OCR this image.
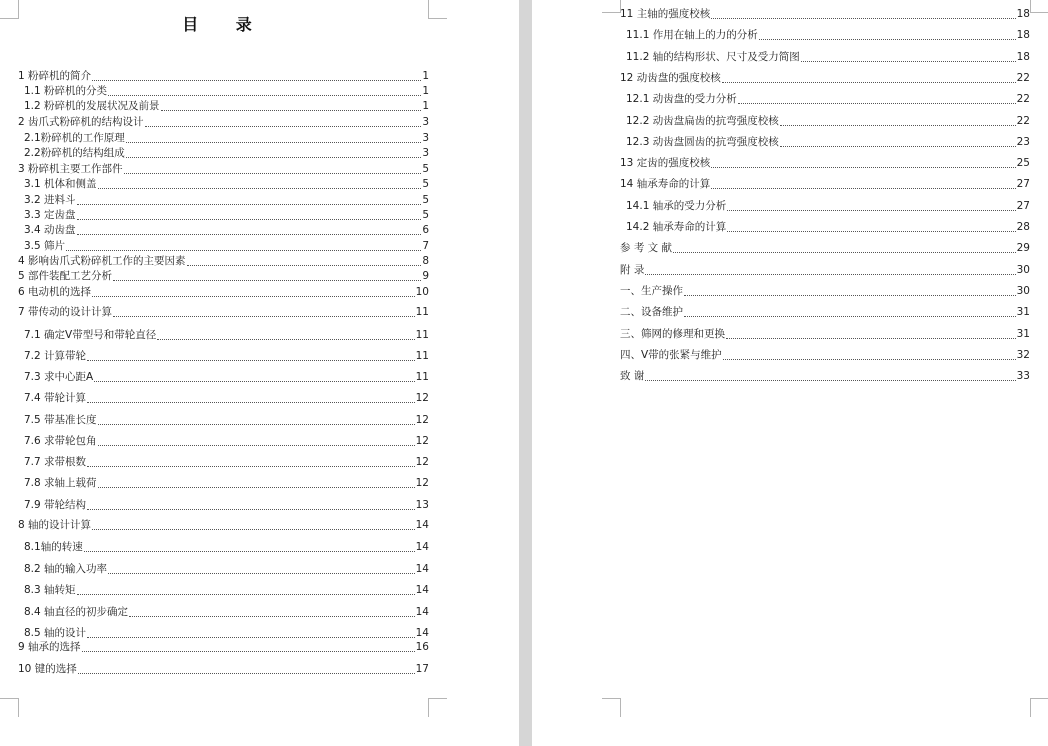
目 录
1 粉碎机的简介	1
1.1 粉碎机的分类	1
1.2 粉碎机的发展状况及前景	1
2 齿爪式粉碎机的结构设计	3
2.1粉碎机的工作原理	3
2.2粉碎机的结构组成	3
3 粉碎机主要工作部件	5
3.1 机体和侧盖	5
3.2 进料斗	5
3.3 定齿盘	5
3.4 动齿盘	6
3.5 筛片	7
4 影响齿爪式粉碎机工作的主要因素	8
5 部件装配工艺分析	9
6 电动机的选择	10
7 带传动的设计计算	11
7.1 确定V带型号和带轮直径	11
7.2 计算带轮	11
7.3 求中心距A	11
7.4 带轮计算	12
7.5 带基准长度	12
7.6 求带轮包角	12
7.7 求带根数	12
7.8 求轴上载荷	12
7.9 带轮结构	13
8 轴的设计计算	14
8.1轴的转速	14
8.2 轴的输入功率	14
8.3 轴转矩	14
8.4 轴直径的初步确定	14
8.5 轴的设计	14
9 轴承的选择	16
10 键的选择	17
11 主轴的强度校核	18
11.1 作用在轴上的力的分析	18
11.2 轴的结构形状、尺寸及受力简图	18
12 动齿盘的强度校核	22
12.1 动齿盘的受力分析	22
12.2 动齿盘扁齿的抗弯强度校核	22
12.3 动齿盘圆齿的抗弯强度校核	23
13 定齿的强度校核	25
14 轴承寿命的计算	27
14.1 轴承的受力分析	27
14.2 轴承寿命的计算	28
参 考 文 献	29
附 录	30
一、生产操作	30
二、设备维护	31
三、筛网的修理和更换	31
四、V带的张紧与维护	32
致 谢	33
